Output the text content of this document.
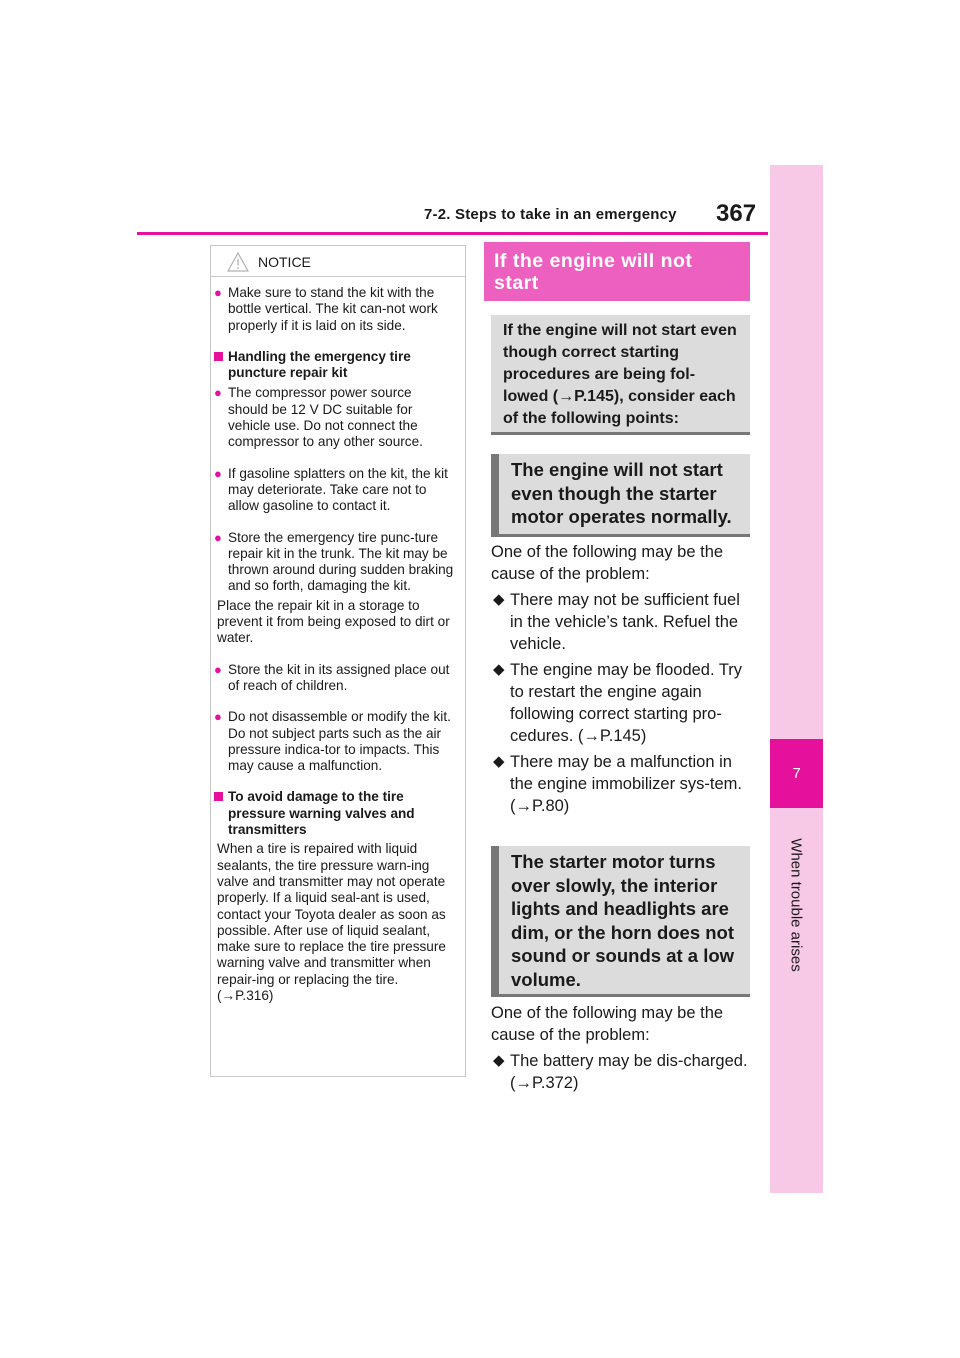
7-2. Steps to take in an emergency	367
7
When trouble arises
NOTICE
● Make sure to stand the kit with the bottle vertical. The kit can-not work properly if it is laid on its side.
Handling the emergency tire puncture repair kit
● The compressor power source should be 12 V DC suitable for vehicle use. Do not connect the compressor to any other source.
● If gasoline splatters on the kit, the kit may deteriorate. Take care not to allow gasoline to contact it.
● Store the emergency tire punc-ture repair kit in the trunk. The kit may be thrown around during sudden braking and so forth, damaging the kit.
Place the repair kit in a storage to prevent it from being exposed to dirt or water.
● Store the kit in its assigned place out of reach of children.
● Do not disassemble or modify the kit. Do not subject parts such as the air pressure indica-tor to impacts. This may cause a malfunction.
To avoid damage to the tire pressure warning valves and transmitters
When a tire is repaired with liquid sealants, the tire pressure warn-ing valve and transmitter may not operate properly. If a liquid seal-ant is used, contact your Toyota dealer as soon as possible. After use of liquid sealant, make sure to replace the tire pressure warning valve and transmitter when repair-ing or replacing the tire. (→P.316)
If the engine will not start
If the engine will not start even though correct starting procedures are being fol-lowed (→P.145), consider each of the following points:
The engine will not start even though the starter motor operates normally.
One of the following may be the cause of the problem:
◆ There may not be sufficient fuel in the vehicle’s tank. Refuel the vehicle.
◆ The engine may be flooded. Try to restart the engine again following correct starting pro-cedures. (→P.145)
◆ There may be a malfunction in the engine immobilizer sys-tem. (→P.80)
The starter motor turns over slowly, the interior lights and headlights are dim, or the horn does not sound or sounds at a low volume.
One of the following may be the cause of the problem:
◆ The battery may be dis-charged. (→P.372)
